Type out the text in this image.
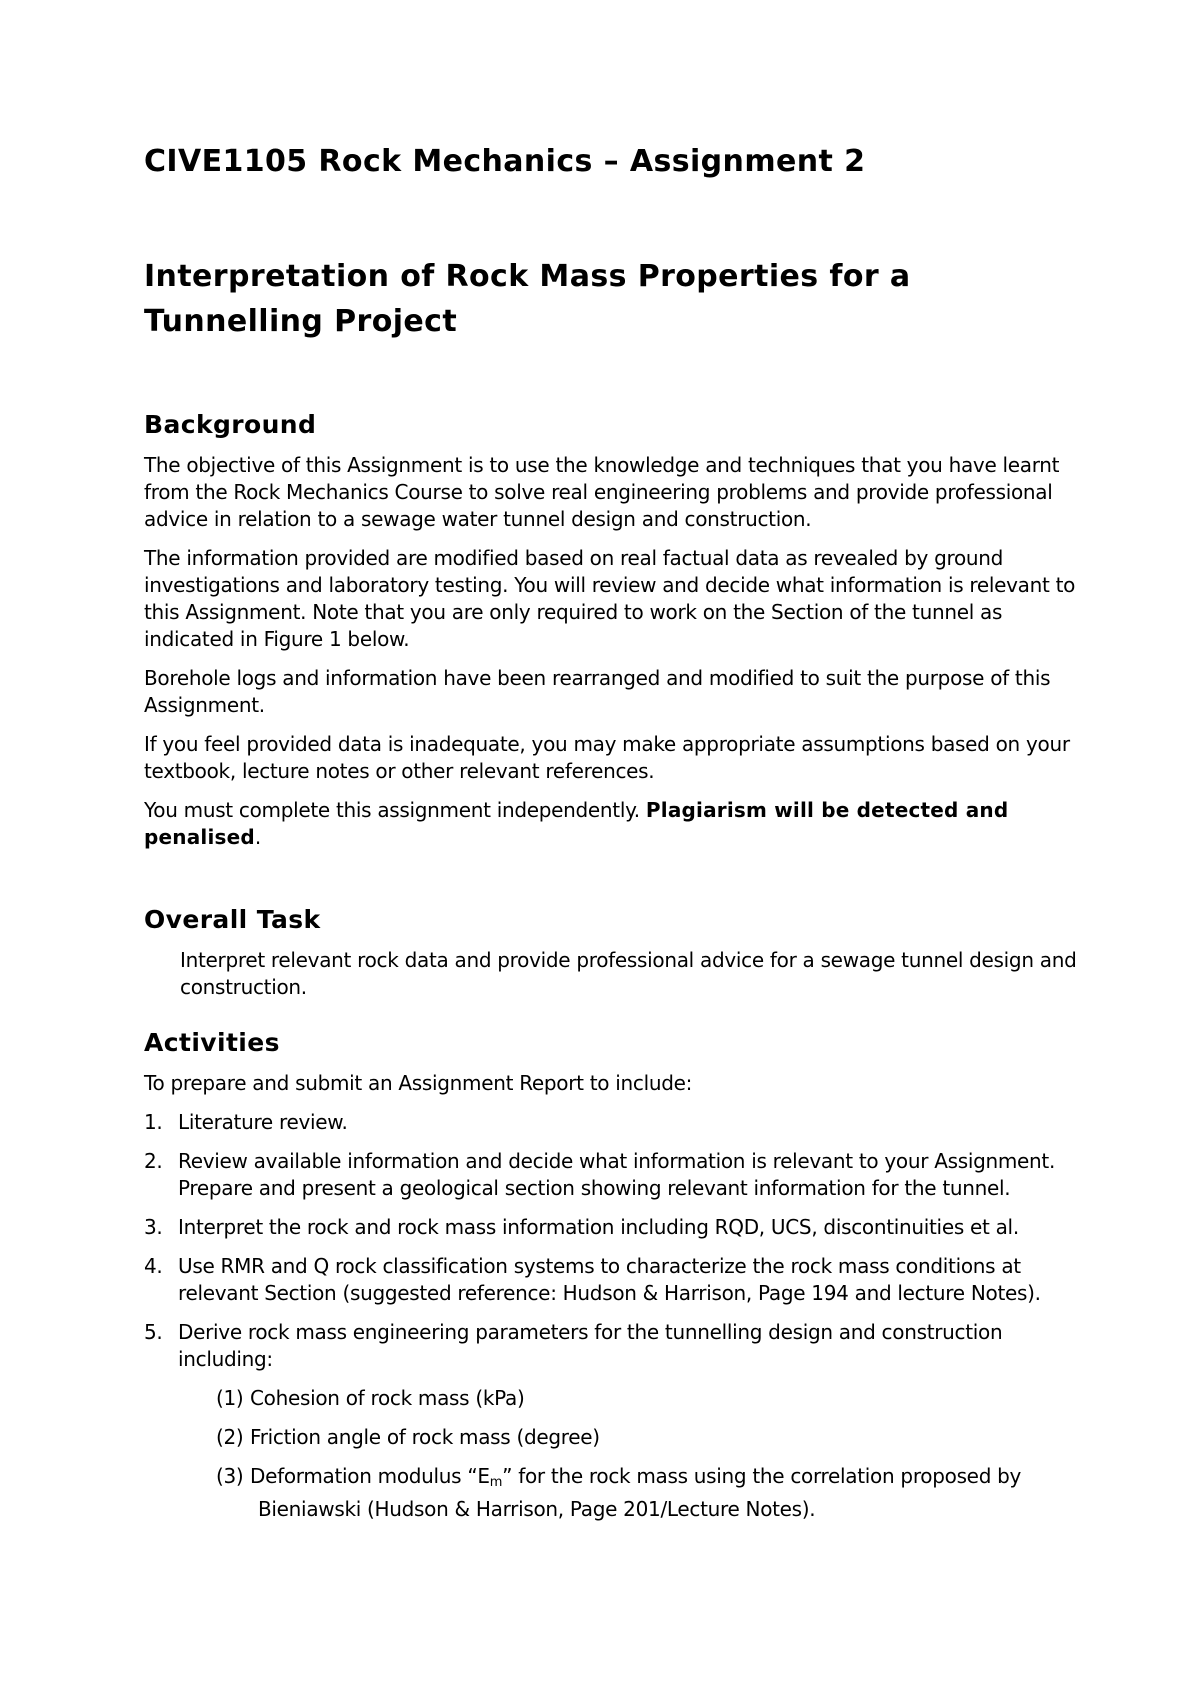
CIVE1105 Rock Mechanics – Assignment 2
Interpretation of Rock Mass Properties for a
Tunnelling Project
Background

The objective of this Assignment is to use the knowledge and techniques that you have learnt from the Rock Mechanics Course to solve real engineering problems and provide professional advice in relation to a sewage water tunnel design and construction.

The information provided are modified based on real factual data as revealed by ground investigations and laboratory testing. You will review and decide what information is relevant to this Assignment. Note that you are only required to work on the Section of the tunnel as indicated in Figure 1 below.

Borehole logs and information have been rearranged and modified to suit the purpose of this Assignment.

If you feel provided data is inadequate, you may make appropriate assumptions based on your textbook, lecture notes or other relevant references.

You must complete this assignment independently. Plagiarism will be detected and penalised.

Overall Task

Interpret relevant rock data and provide professional advice for a sewage tunnel design and construction.

Activities

To prepare and submit an Assignment Report to include:

1. Literature review.
2. Review available information and decide what information is relevant to your Assignment. Prepare and present a geological section showing relevant information for the tunnel.
3. Interpret the rock and rock mass information including RQD, UCS, discontinuities et al.
4. Use RMR and Q rock classification systems to characterize the rock mass conditions at relevant Section (suggested reference: Hudson & Harrison, Page 194 and lecture Notes).
5. Derive rock mass engineering parameters for the tunnelling design and construction including:
(1) Cohesion of rock mass (kPa)
(2) Friction angle of rock mass (degree)
(3) Deformation modulus “$E_m$” for the rock mass using the correlation proposed by
Bieniawski (Hudson & Harrison, Page 201/Lecture Notes).
